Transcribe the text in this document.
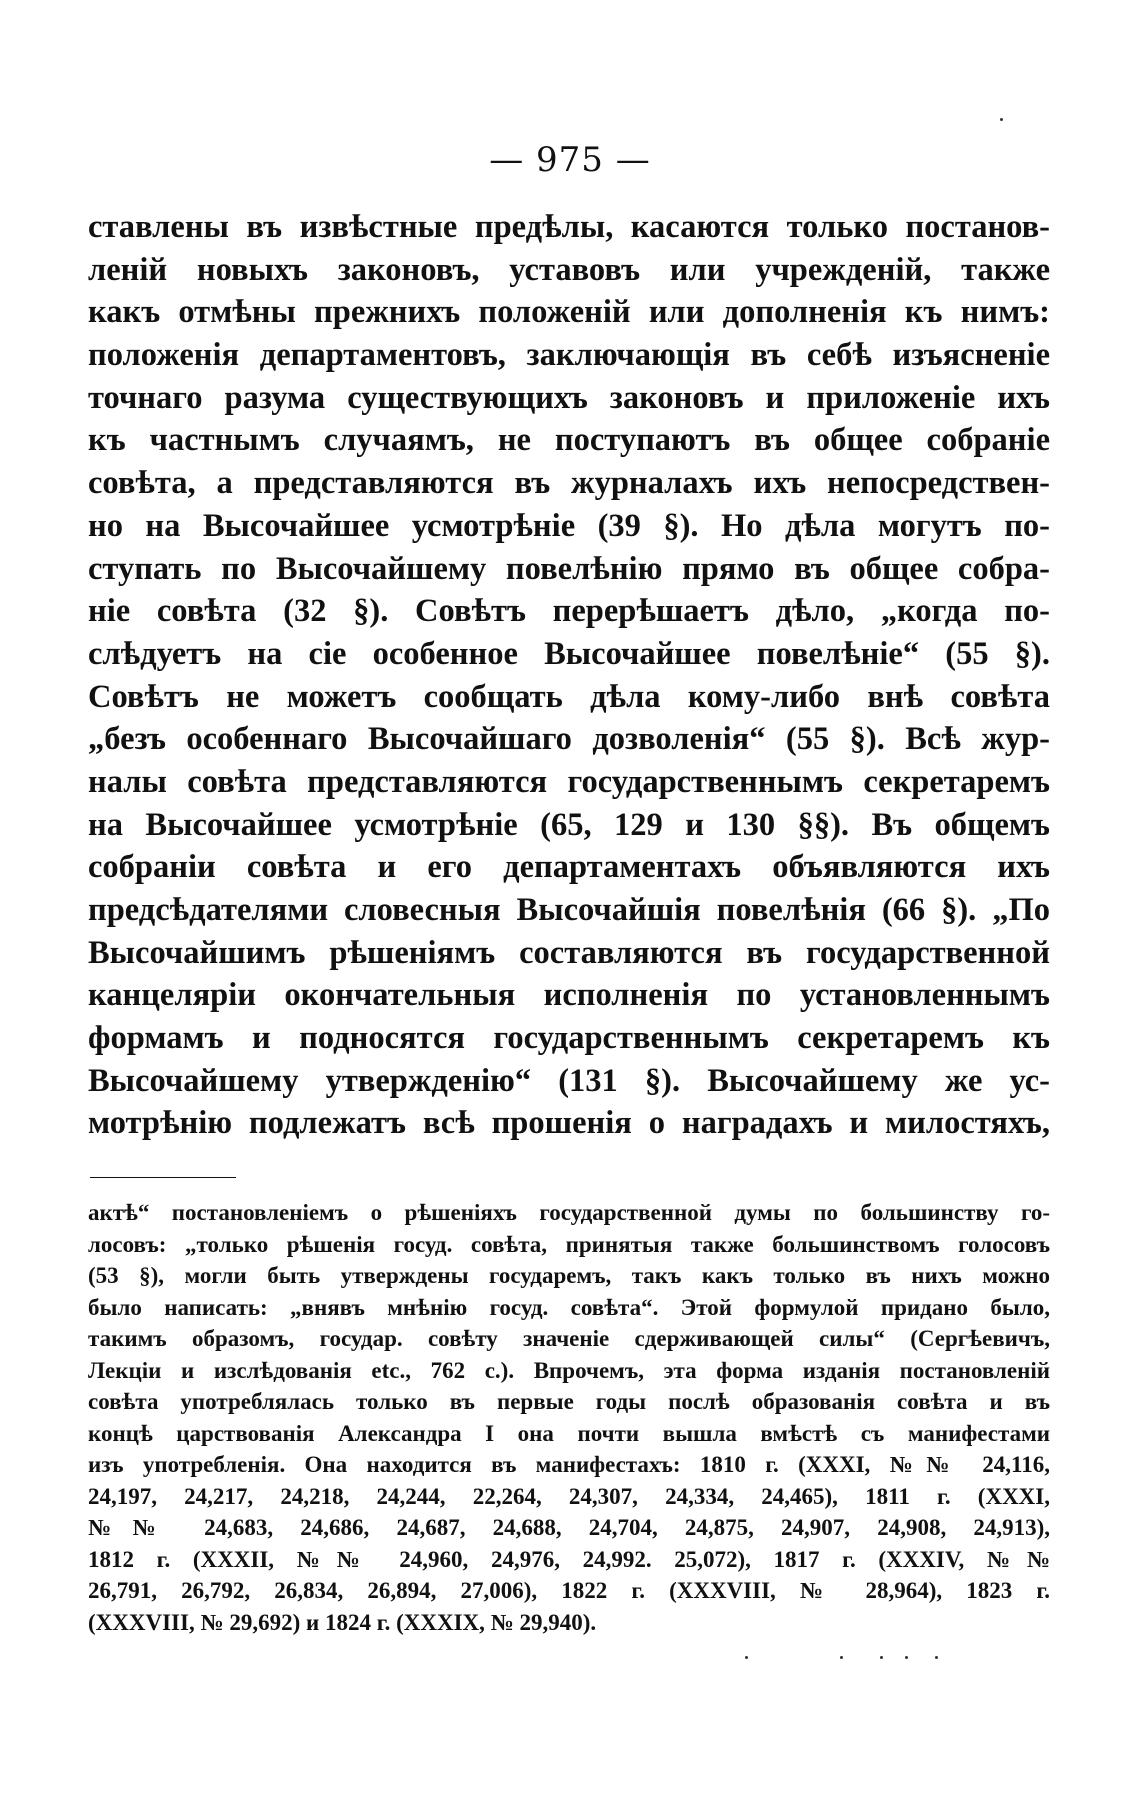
— 975 —
ставлены въ извѣстные предѣлы, касаются только постанов-
леній новыхъ законовъ, уставовъ или учрежденій, также
какъ отмѣны прежнихъ положеній или дополненія къ нимъ:
положенія департаментовъ, заключающія въ себѣ изъясненіе
точнаго разума существующихъ законовъ и приложеніе ихъ
къ частнымъ случаямъ, не поступаютъ въ общее собраніе
совѣта, а представляются въ журналахъ ихъ непосредствен-
но на Высочайшее усмотрѣніе (39 §). Но дѣла могутъ по-
ступать по Высочайшему повелѣнію прямо въ общее собра-
ніе совѣта (32 §). Совѣтъ перерѣшаетъ дѣло, „когда по-
слѣдуетъ на сіе особенное Высочайшее повелѣніе“ (55 §).
Совѣтъ не можетъ сообщать дѣла кому-либо внѣ совѣта
„безъ особеннаго Высочайшаго дозволенія“ (55 §). Всѣ жур-
налы совѣта представляются государственнымъ секретаремъ
на Высочайшее усмотрѣніе (65, 129 и 130 §§). Въ общемъ
собраніи совѣта и его департаментахъ объявляются ихъ
предсѣдателями словесныя Высочайшія повелѣнія (66 §). „По
Высочайшимъ рѣшеніямъ составляются въ государственной
канцеляріи окончательныя исполненія по установленнымъ
формамъ и подносятся государственнымъ секретаремъ къ
Высочайшему утвержденію“ (131 §). Высочайшему же ус-
мотрѣнію подлежатъ всѣ прошенія о наградахъ и милостяхъ,
актѣ“ постановленіемъ о рѣшеніяхъ государственной думы по большинству го-
лосовъ: „только рѣшенія госуд. совѣта, принятыя также большинствомъ голосовъ
(53 §), могли быть утверждены государемъ, такъ какъ только въ нихъ можно
было написать: „внявъ мнѣнію госуд. совѣта“. Этой формулой придано было,
такимъ образомъ, госудаp. совѣту значеніе сдерживающей силы“ (Сергѣевичъ,
Лекціи и изслѣдованія etc., 762 с.). Впрочемъ, эта форма изданія постановленій
совѣта употреблялась только въ первые годы послѣ образованія совѣта и въ
концѣ царствованія Александра I она почти вышла вмѣстѣ съ манифестами
изъ употребленія. Она находится въ манифестахъ: 1810 г. (XXXI, №№ 24,116,
24,197, 24,217, 24,218, 24,244, 22,264, 24,307, 24,334, 24,465), 1811 г. (XXXI,
№№ 24,683, 24,686, 24,687, 24,688, 24,704, 24,875, 24,907, 24,908, 24,913),
1812 г. (XXXII, №№ 24,960, 24,976, 24,992. 25,072), 1817 г. (XXXIV, №№
26,791, 26,792, 26,834, 26,894, 27,006), 1822 г. (XXXVIII, № 28,964), 1823 г.
(XXXVIII, № 29,692) и 1824 г. (XXXIX, № 29,940).
